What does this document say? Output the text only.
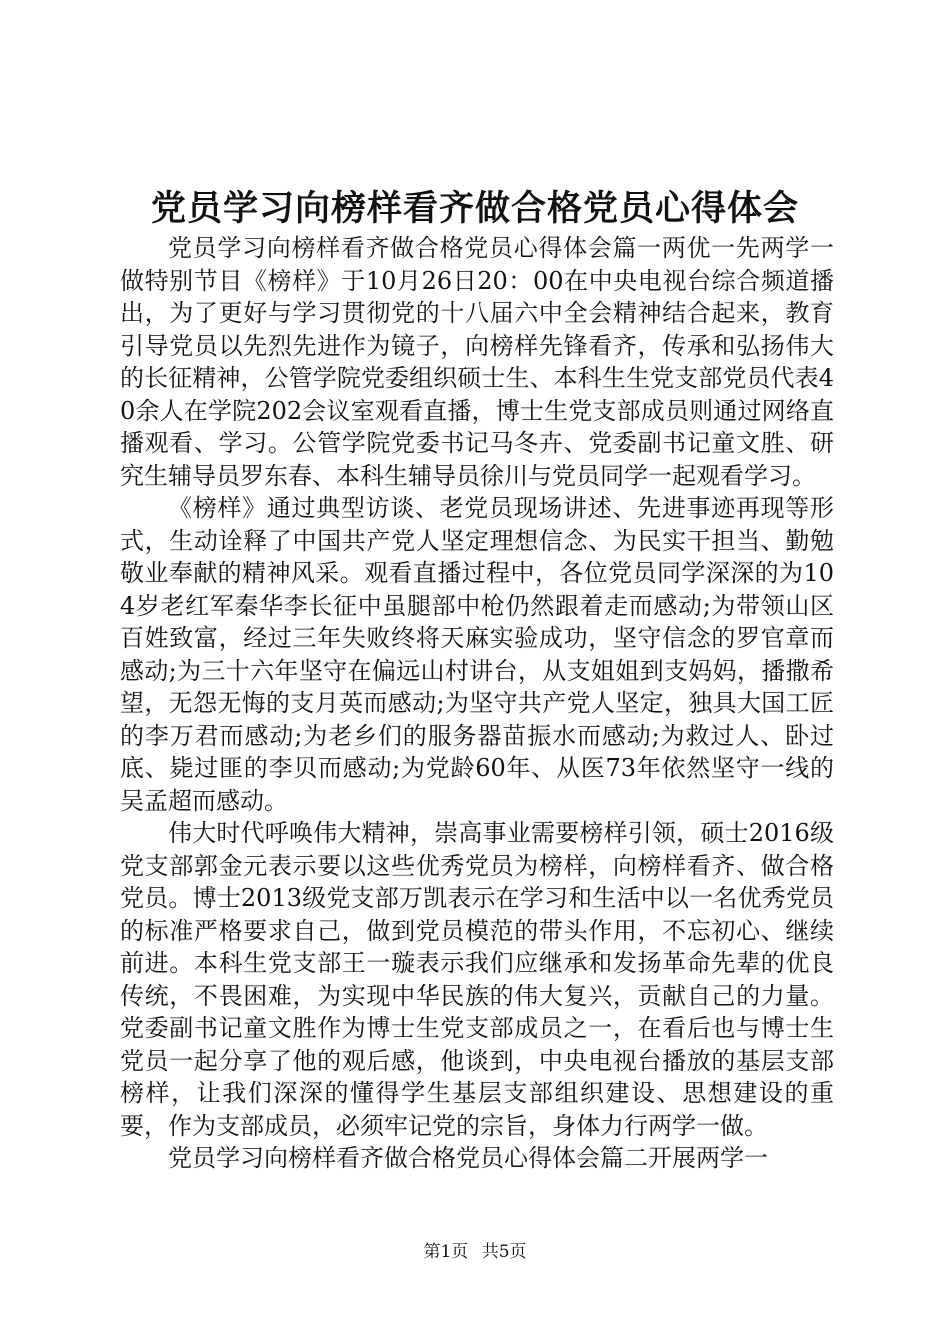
党员学习向榜样看齐做合格党员心得体会

党员学习向榜样看齐做合格党员心得体会篇一两优一先两学一做特别节目《榜样》于10月26日20：00在中央电视台综合频道播出，为了更好与学习贯彻党的十八届六中全会精神结合起来，教育引导党员以先烈先进作为镜子，向榜样先锋看齐，传承和弘扬伟大的长征精神，公管学院党委组织硕士生、本科生生党支部党员代表40余人在学院202会议室观看直播，博士生党支部成员则通过网络直播观看、学习。公管学院党委书记马冬卉、党委副书记童文胜、研究生辅导员罗东春、本科生辅导员徐川与党员同学一起观看学习。

《榜样》通过典型访谈、老党员现场讲述、先进事迹再现等形式，生动诠释了中国共产党人坚定理想信念、为民实干担当、勤勉敬业奉献的精神风采。观看直播过程中，各位党员同学深深的为104岁老红军秦华李长征中虽腿部中枪仍然跟着走而感动;为带领山区百姓致富，经过三年失败终将天麻实验成功，坚守信念的罗官章而感动;为三十六年坚守在偏远山村讲台，从支姐姐到支妈妈，播撒希望，无怨无悔的支月英而感动;为坚守共产党人坚定，独具大国工匠的李万君而感动;为老乡们的服务器苗振水而感动;为救过人、卧过底、毙过匪的李贝而感动;为党龄60年、从医73年依然坚守一线的吴孟超而感动。

伟大时代呼唤伟大精神，崇高事业需要榜样引领，硕士2016级党支部郭金元表示要以这些优秀党员为榜样，向榜样看齐、做合格党员。博士2013级党支部万凯表示在学习和生活中以一名优秀党员的标准严格要求自己，做到党员模范的带头作用，不忘初心、继续前进。本科生党支部王一璇表示我们应继承和发扬革命先辈的优良传统，不畏困难，为实现中华民族的伟大复兴，贡献自己的力量。党委副书记童文胜作为博士生党支部成员之一，在看后也与博士生党员一起分享了他的观后感，他谈到，中央电视台播放的基层支部榜样，让我们深深的懂得学生基层支部组织建设、思想建设的重要，作为支部成员，必须牢记党的宗旨，身体力行两学一做。

党员学习向榜样看齐做合格党员心得体会篇二开展两学一

第1页 共5页
